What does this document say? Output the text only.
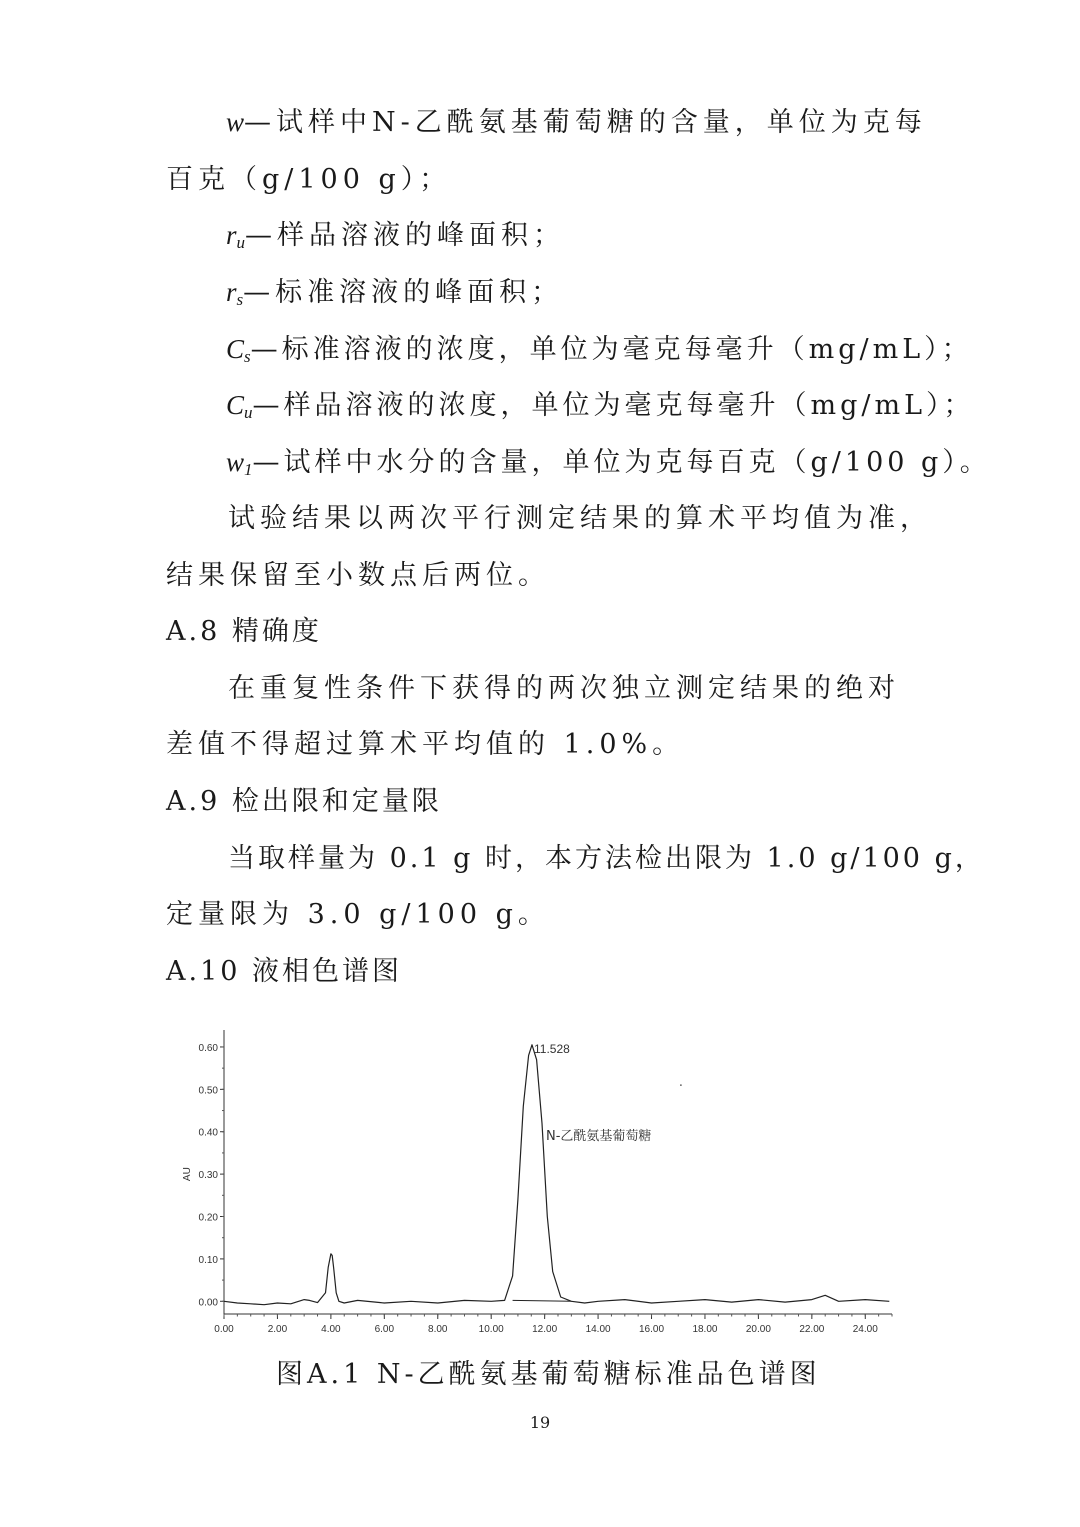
w—试样中N-乙酰氨基葡萄糖的含量，单位为克每
百克（g/100 g）；
$r_u—$样品溶液的峰面积；
$r_s—$标准溶液的峰面积；
$C_s—$标准溶液的浓度，单位为毫克每毫升（mg/mL）；
$C_u—$样品溶液的浓度，单位为毫克每毫升（mg/mL）；
$w_1—$试样中水分的含量，单位为克每百克（g/100 g）。
试验结果以两次平行测定结果的算术平均值为准，
结果保留至小数点后两位。
A.8 精确度
在重复性条件下获得的两次独立测定结果的绝对
差值不得超过算术平均值的 1.0%。
A.9 检出限和定量限
当取样量为 0.1 g 时，本方法检出限为 1.0 g/100 g，
定量限为 3.0 g/100 g。
A.10 液相色谱图
0.00
0.10
0.20
0.30
0.40
0.50
0.60
AU
0.00	2.00	4.00	6.00	8.00	10.00	12.00	14.00	16.00	18.00	20.00	22.00	24.00
11.528
N-乙酰氨基葡萄糖
图A.1 N-乙酰氨基葡萄糖标准品色谱图
19
